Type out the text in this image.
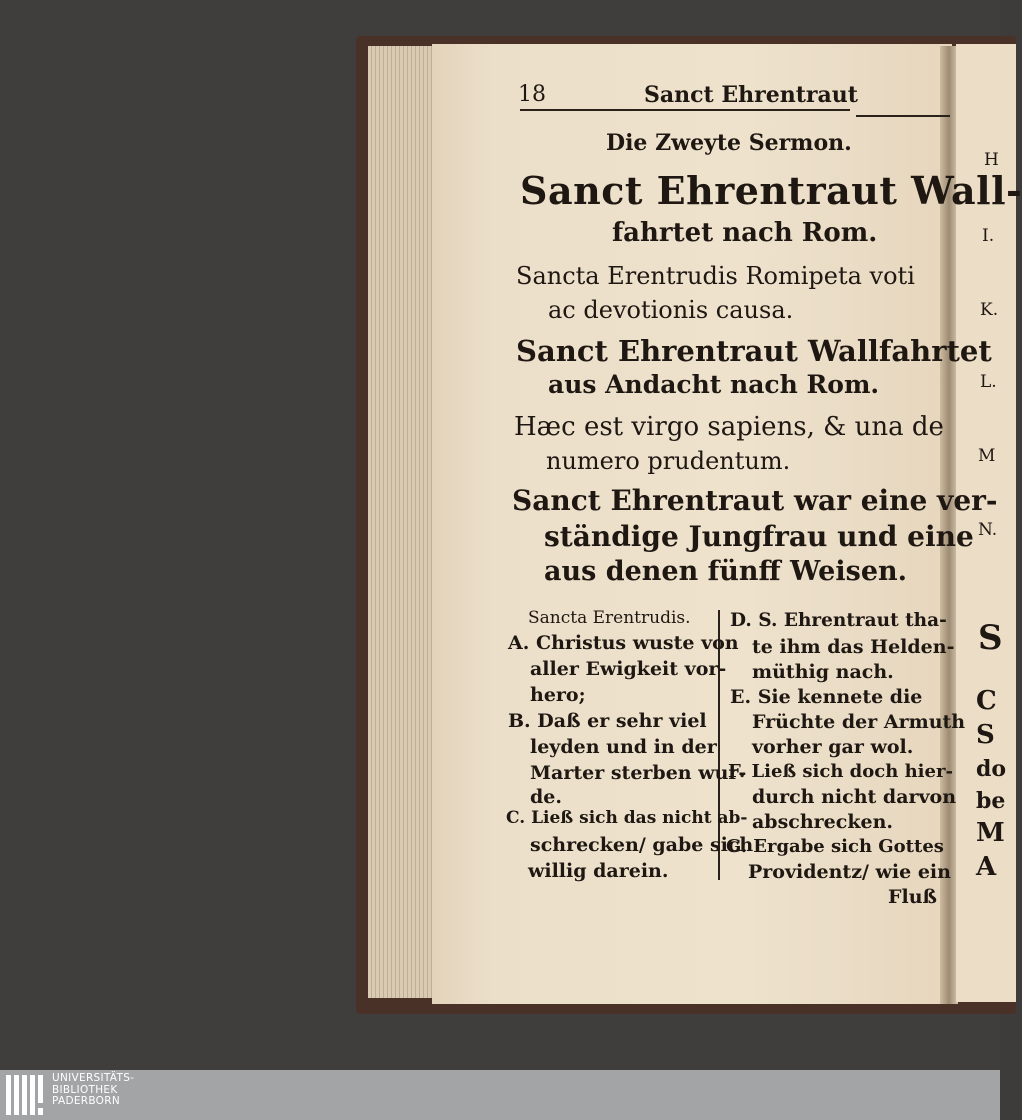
18	Sanct Ehrentraut
Die Zweyte Sermon.
Sanct Ehrentraut Wall-
fahrtet nach Rom.
Sancta Erentrudis Romipeta voti
ac devotionis causa.
Sanct Ehrentraut Wallfahrtet
aus Andacht nach Rom.
Hæc est virgo sapiens, & una de
numero prudentum.
Sanct Ehrentraut war eine ver-
ständige Jungfrau und eine
aus denen fünff Weisen.
Sancta Erentrudis.
A. Christus wuste von
aller Ewigkeit vor-
hero;
B. Daß er sehr viel
leyden und in der
Marter sterben wur-
de.
C. Ließ sich das nicht ab-
schrecken/ gabe sich
willig darein.
D. S. Ehrentraut tha-
te ihm das Helden-
müthig nach.
E. Sie kennete die
Früchte der Armuth
vorher gar wol.
F. Ließ sich doch hier-
durch nicht darvon
abschrecken.
G. Ergabe sich Gottes
Providentz/ wie ein
Fluß
H
I.
K.
L.
M
N.
S
C
S
do
be
M
A
UNIVERSITÄTS-
BIBLIOTHEK
PADERBORN
